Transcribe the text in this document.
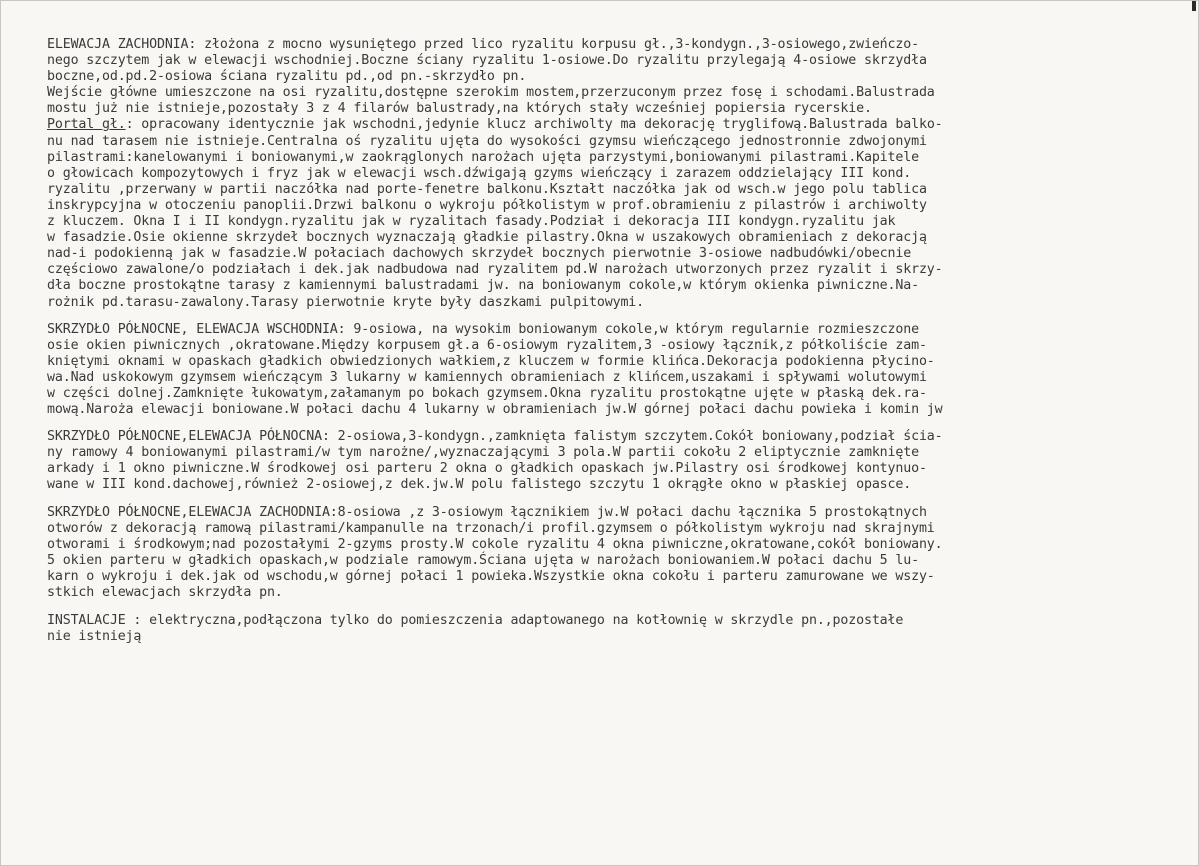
ELEWACJA ZACHODNIA: złożona z mocno wysuniętego przed lico ryzalitu korpusu gł.,3-kondygn.,3-osiowego,zwieńczo-
nego szczytem jak w elewacji wschodniej.Boczne ściany ryzalitu 1-osiowe.Do ryzalitu przylegają 4-osiowe skrzydła
boczne,od.pd.2-osiowa ściana ryzalitu pd.,od pn.-skrzydło pn.
Wejście główne umieszczone na osi ryzalitu,dostępne szerokim mostem,przerzuconym przez fosę i schodami.Balustrada
mostu już nie istnieje,pozostały 3 z 4 filarów balustrady,na których stały wcześniej popiersia rycerskie.
Portal gł.: opracowany identycznie jak wschodni,jedynie klucz archiwolty ma dekorację tryglifową.Balustrada balko-
nu nad tarasem nie istnieje.Centralna oś ryzalitu ujęta do wysokości gzymsu wieńczącego jednostronnie zdwojonymi
pilastrami:kanelowanymi i boniowanymi,w zaokrąglonych narożach ujęta parzystymi,boniowanymi pilastrami.Kapitele
o głowicach kompozytowych i fryz jak w elewacji wsch.dźwigają gzyms wieńczący i zarazem oddzielający III kond.
ryzalitu ,przerwany w partii naczółka nad porte-fenetre balkonu.Kształt naczółka jak od wsch.w jego polu tablica
inskrypcyjna w otoczeniu panoplii.Drzwi balkonu o wykroju półkolistym w prof.obramieniu z pilastrów i archiwolty
z kluczem. Okna I i II kondygn.ryzalitu jak w ryzalitach fasady.Podział i dekoracja III kondygn.ryzalitu jak
w fasadzie.Osie okienne skrzydeł bocznych wyznaczają gładkie pilastry.Okna w uszakowych obramieniach z dekoracją
nad-i podokienną jak w fasadzie.W połaciach dachowych skrzydeł bocznych pierwotnie 3-osiowe nadbudówki/obecnie
częściowo zawalone/o podziałach i dek.jak nadbudowa nad ryzalitem pd.W narożach utworzonych przez ryzalit i skrzy-
dła boczne prostokątne tarasy z kamiennymi balustradami jw. na boniowanym cokole,w którym okienka piwniczne.Na-
rożnik pd.tarasu-zawalony.Tarasy pierwotnie kryte były daszkami pulpitowymi.
SKRZYDŁO PÓŁNOCNE, ELEWACJA WSCHODNIA: 9-osiowa, na wysokim boniowanym cokole,w którym regularnie rozmieszczone
osie okien piwnicznych ,okratowane.Między korpusem gł.a 6-osiowym ryzalitem,3 -osiowy łącznik,z półkoliście zam-
kniętymi oknami w opaskach gładkich obwiedzionych wałkiem,z kluczem w formie klińca.Dekoracja podokienna płycino-
wa.Nad uskokowym gzymsem wieńczącym 3 lukarny w kamiennych obramieniach z klińcem,uszakami i spływami wolutowymi
w części dolnej.Zamknięte łukowatym,załamanym po bokach gzymsem.Okna ryzalitu prostokątne ujęte w płaską dek.ra-
mową.Naroża elewacji boniowane.W połaci dachu 4 lukarny w obramieniach jw.W górnej połaci dachu powieka i komin jw
SKRZYDŁO PÓŁNOCNE,ELEWACJA PÓŁNOCNA: 2-osiowa,3-kondygn.,zamknięta falistym szczytem.Cokół boniowany,podział ścia-
ny ramowy 4 boniowanymi pilastrami/w tym narożne/,wyznaczającymi 3 pola.W partii cokołu 2 eliptycznie zamknięte
arkady i 1 okno piwniczne.W środkowej osi parteru 2 okna o gładkich opaskach jw.Pilastry osi środkowej kontynuo-
wane w III kond.dachowej,również 2-osiowej,z dek.jw.W polu falistego szczytu 1 okrągłe okno w płaskiej opasce.
SKRZYDŁO PÓŁNOCNE,ELEWACJA ZACHODNIA:8-osiowa ,z 3-osiowym łącznikiem jw.W połaci dachu łącznika 5 prostokątnych
otworów z dekoracją ramową pilastrami/kampanulle na trzonach/i profil.gzymsem o półkolistym wykroju nad skrajnymi
otworami i środkowym;nad pozostałymi 2-gzyms prosty.W cokole ryzalitu 4 okna piwniczne,okratowane,cokół boniowany.
5 okien parteru w gładkich opaskach,w podziale ramowym.Ściana ujęta w narożach boniowaniem.W połaci dachu 5 lu-
karn o wykroju i dek.jak od wschodu,w górnej połaci 1 powieka.Wszystkie okna cokołu i parteru zamurowane we wszy-
stkich elewacjach skrzydła pn.
INSTALACJE : elektryczna,podłączona tylko do pomieszczenia adaptowanego na kotłownię w skrzydle pn.,pozostałe
nie istnieją
